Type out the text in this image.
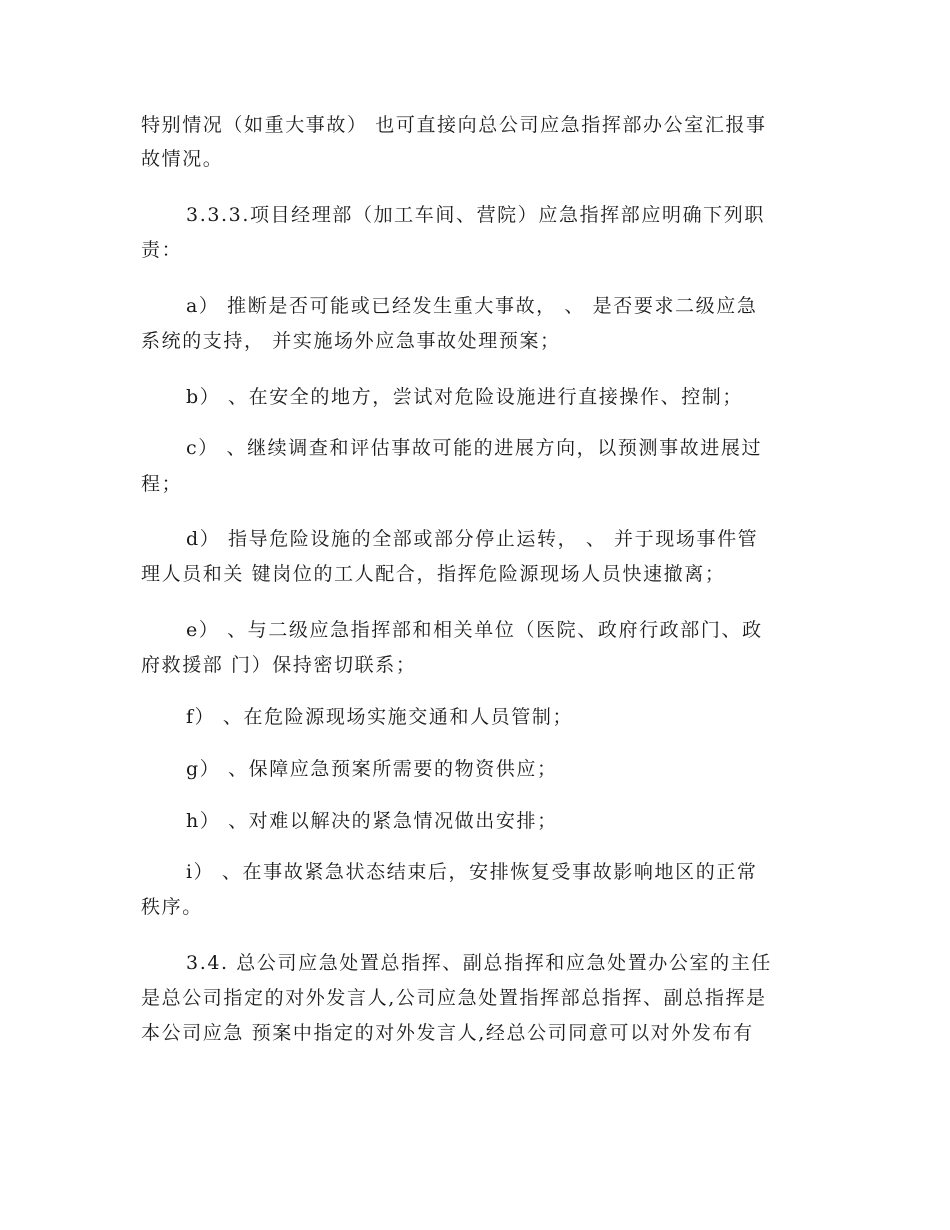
特别情况（如重大事故） 也可直接向总公司应急指挥部办公室汇报事

故情况。

3.3.3.项目经理部（加工车间、营院）应急指挥部应明确下列职

责：

a） 推断是否可能或已经发生重大事故， 、 是否要求二级应急

系统的支持， 并实施场外应急事故处理预案；

b） 、在安全的地方，尝试对危险设施进行直接操作、控制；

c） 、继续调查和评估事故可能的进展方向，以预测事故进展过

程；

d） 指导危险设施的全部或部分停止运转， 、 并于现场事件管

理人员和关 键岗位的工人配合，指挥危险源现场人员快速撤离；

e） 、与二级应急指挥部和相关单位（医院、政府行政部门、政

府救援部 门）保持密切联系；

f） 、在危险源现场实施交通和人员管制；

g） 、保障应急预案所需要的物资供应；

h） 、对难以解决的紧急情况做出安排；

i） 、在事故紧急状态结束后，安排恢复受事故影响地区的正常

秩序。

3.4. 总公司应急处置总指挥、副总指挥和应急处置办公室的主任

是总公司指定的对外发言人,公司应急处置指挥部总指挥、副总指挥是

本公司应急 预案中指定的对外发言人,经总公司同意可以对外发布有
